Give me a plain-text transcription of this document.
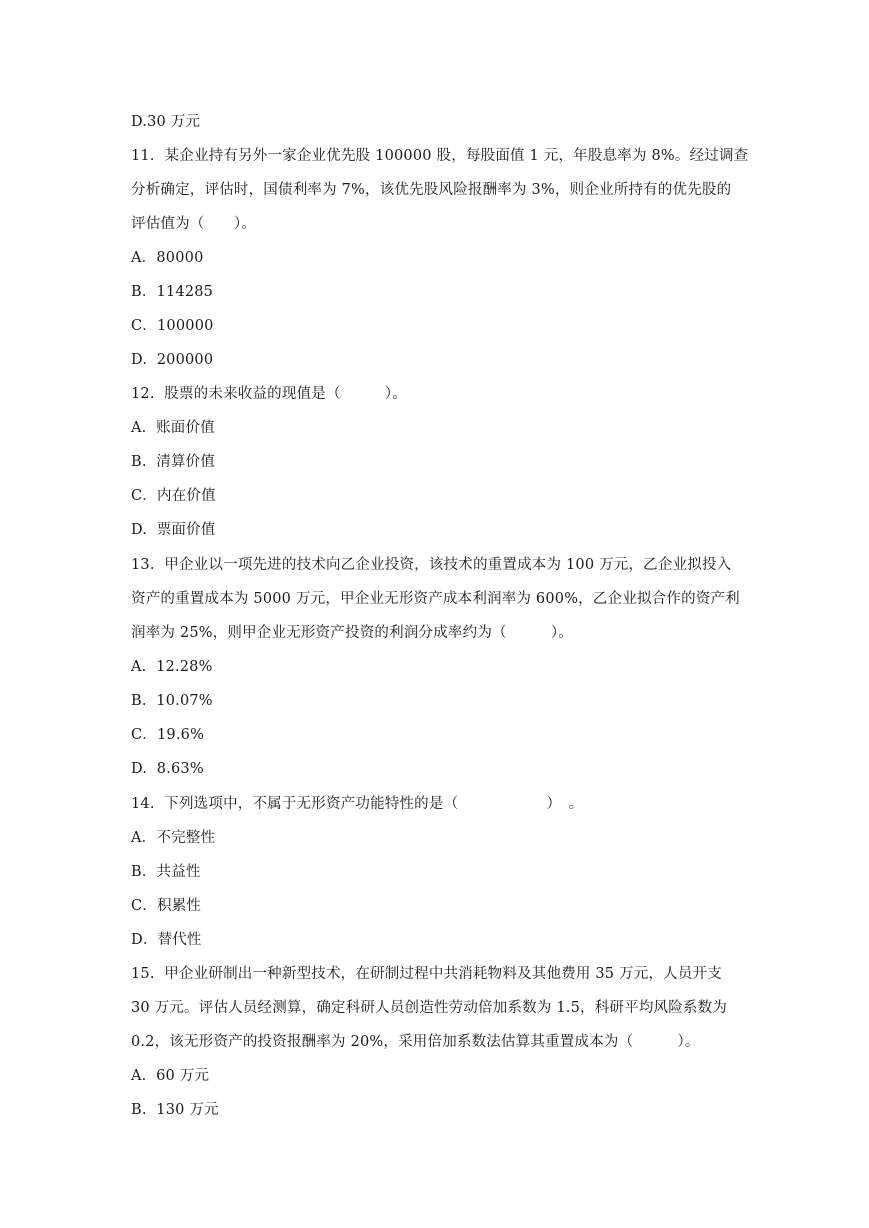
D.30 万元
11．某企业持有另外一家企业优先股 100000 股，每股面值 1 元，年股息率为 8%。经过调查
分析确定，评估时，国债利率为 7%，该优先股风险报酬率为 3%，则企业所持有的优先股的
评估值为（　　）。
A．80000
B．114285
C．100000
D.  200000
12.  股票的未来收益的现值是（　　　）。
A.  账面价值
B.  清算价值
C．内在价值
D.  票面价值
13.  甲企业以一项先进的技术向乙企业投资，该技术的重置成本为 100 万元，乙企业拟投入
资产的重置成本为 5000 万元，甲企业无形资产成本利润率为 600%，乙企业拟合作的资产利
润率为 25%，则甲企业无形资产投资的利润分成率约为（　　　）。
A.  12.28%
B.  10.07%
C．19.6%
D.  8.63%
14.  下列选项中，不属于无形资产功能特性的是（　　　　　　）　。
A．不完整性
B．共益性
C．积累性
D．替代性
15.  甲企业研制出一种新型技术，在研制过程中共消耗物料及其他费用 35 万元，人员开支
30 万元。评估人员经测算，确定科研人员创造性劳动倍加系数为 1.5，科研平均风险系数为
0.2，该无形资产的投资报酬率为 20%，采用倍加系数法估算其重置成本为（　　　）。
A.  60 万元
B.  130 万元
